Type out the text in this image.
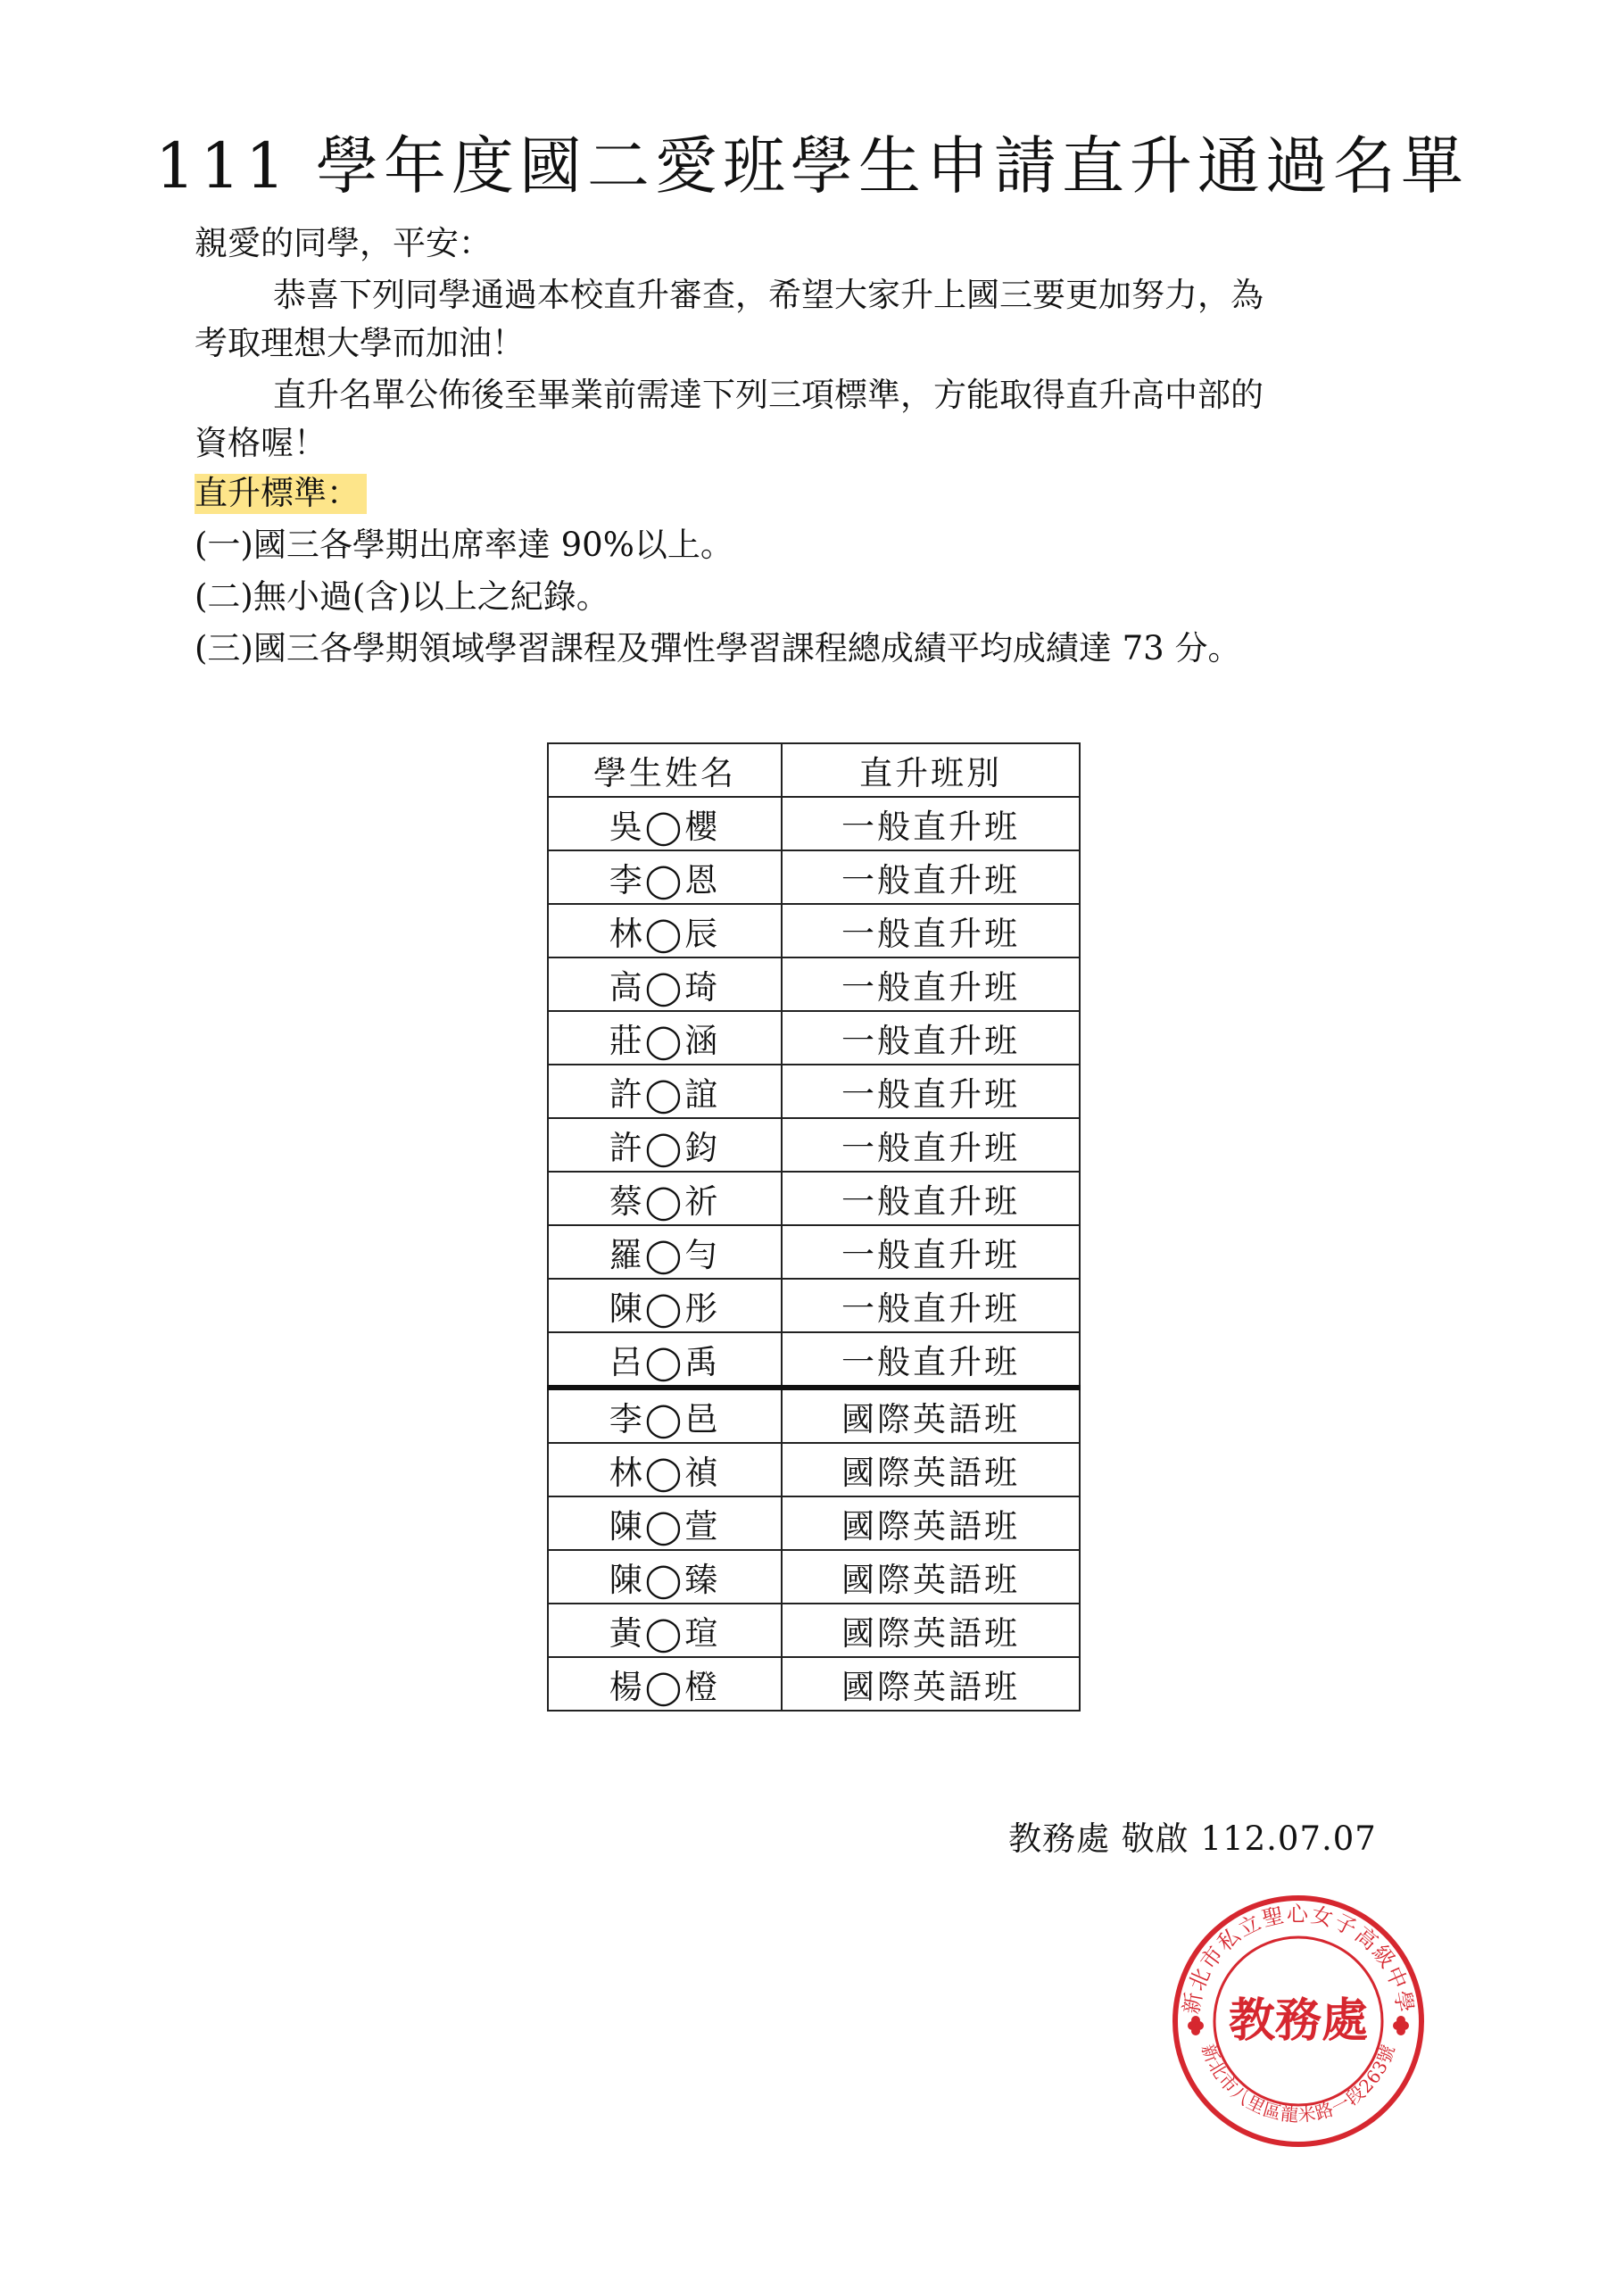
111 學年度國二愛班學生申請直升通過名單
親愛的同學，平安：
恭喜下列同學通過本校直升審查，希望大家升上國三要更加努力，為
考取理想大學而加油！
直升名單公佈後至畢業前需達下列三項標準，方能取得直升高中部的
資格喔！
直升標準：
(一)國三各學期出席率達 90%以上。
(二)無小過(含)以上之紀錄。
(三)國三各學期領域學習課程及彈性學習課程總成績平均成績達 73 分。
學生姓名	直升班別
吳◯櫻	一般直升班
李◯恩	一般直升班
林◯辰	一般直升班
高◯琦	一般直升班
莊◯涵	一般直升班
許◯誼	一般直升班
許◯鈞	一般直升班
蔡◯祈	一般直升班
羅◯勻	一般直升班
陳◯彤	一般直升班
呂◯禹	一般直升班
李◯邑	國際英語班
林◯禎	國際英語班
陳◯萱	國際英語班
陳◯臻	國際英語班
黃◯瑄	國際英語班
楊◯橙	國際英語班
教務處 敬啟 112.07.07
新北市私立聖心女子高級中學
新北市八里區龍米路一段263號
教務處
